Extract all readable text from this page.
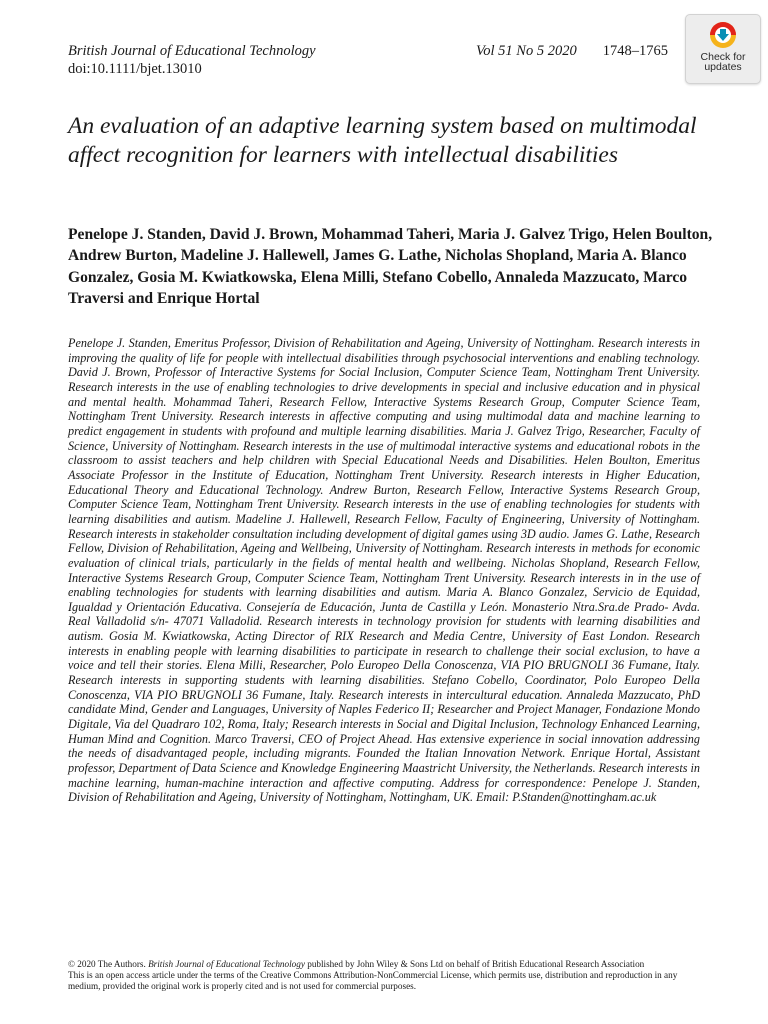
British Journal of Educational Technology
doi:10.1111/bjet.13010
Vol 51 No 5 2020 1748–1765	Check for
updates
An evaluation of an adaptive learning system based on multimodal affect recognition for learners with intellectual disabilities

Penelope J. Standen, David J. Brown, Mohammad Taheri, Maria J. Galvez Trigo, Helen Boulton, Andrew Burton, Madeline J. Hallewell, James G. Lathe, Nicholas Shopland, Maria A. Blanco Gonzalez, Gosia M. Kwiatkowska, Elena Milli, Stefano Cobello, Annaleda Mazzucato, Marco Traversi and Enrique Hortal

Penelope J. Standen, Emeritus Professor, Division of Rehabilitation and Ageing, University of Nottingham. Research interests in improving the quality of life for people with intellectual disabilities through psychosocial interventions and enabling technology. David J. Brown, Professor of Interactive Systems for Social Inclusion, Computer Science Team, Nottingham Trent University. Research interests in the use of enabling technologies to drive developments in special and inclusive education and in physical and mental health. Mohammad Taheri, Research Fellow, Interactive Systems Research Group, Computer Science Team, Nottingham Trent University. Research interests in affective computing and using multimodal data and machine learning to predict engagement in students with profound and multiple learning disabilities. Maria J. Galvez Trigo, Researcher, Faculty of Science, University of Nottingham. Research interests in the use of multimodal interactive systems and educational robots in the classroom to assist teachers and help children with Special Educational Needs and Disabilities. Helen Boulton, Emeritus Associate Professor in the Institute of Education, Nottingham Trent University. Research interests in Higher Education, Educational Theory and Educational Technology. Andrew Burton, Research Fellow, Interactive Systems Research Group, Computer Science Team, Nottingham Trent University. Research interests in the use of enabling technologies for students with learning disabilities and autism. Madeline J. Hallewell, Research Fellow, Faculty of Engineering, University of Nottingham. Research interests in stakeholder consultation including development of digital games using 3D audio. James G. Lathe, Research Fellow, Division of Rehabilitation, Ageing and Wellbeing, University of Nottingham. Research interests in methods for economic evaluation of clinical trials, particularly in the fields of mental health and wellbeing. Nicholas Shopland, Research Fellow, Interactive Systems Research Group, Computer Science Team, Nottingham Trent University. Research interests in in the use of enabling technologies for students with learning disabilities and autism. Maria A. Blanco Gonzalez, Servicio de Equidad, Igualdad y Orientación Educativa. Consejería de Educación, Junta de Castilla y León. Monasterio Ntra.Sra.de Prado- Avda. Real Valladolid s/n- 47071 Valladolid. Research interests in technology provision for students with learning disabilities and autism. Gosia M. Kwiatkowska, Acting Director of RIX Research and Media Centre, University of East London. Research interests in enabling people with learning disabilities to participate in research to challenge their social exclusion, to have a voice and tell their stories. Elena Milli, Researcher, Polo Europeo Della Conoscenza, VIA PIO BRUGNOLI 36 Fumane, Italy. Research interests in supporting students with learning disabilities. Stefano Cobello, Coordinator, Polo Europeo Della Conoscenza, VIA PIO BRUGNOLI 36 Fumane, Italy. Research interests in intercultural education. Annaleda Mazzucato, PhD candidate Mind, Gender and Languages, University of Naples Federico II; Researcher and Project Manager, Fondazione Mondo Digitale, Via del Quadraro 102, Roma, Italy; Research interests in Social and Digital Inclusion, Technology Enhanced Learning, Human Mind and Cognition. Marco Traversi, CEO of Project Ahead. Has extensive experience in social innovation addressing the needs of disadvantaged people, including migrants. Founded the Italian Innovation Network. Enrique Hortal, Assistant professor, Department of Data Science and Knowledge Engineering Maastricht University, the Netherlands. Research interests in machine learning, human-machine interaction and affective computing. Address for correspondence: Penelope J. Standen, Division of Rehabilitation and Ageing, University of Nottingham, Nottingham, UK. Email: P.Standen@nottingham.ac.uk

© 2020 The Authors. British Journal of Educational Technology published by John Wiley & Sons Ltd on behalf of British Educational Research Association
This is an open access article under the terms of the Creative Commons Attribution-NonCommercial License, which permits use, distribution and reproduction in any medium, provided the original work is properly cited and is not used for commercial purposes.
